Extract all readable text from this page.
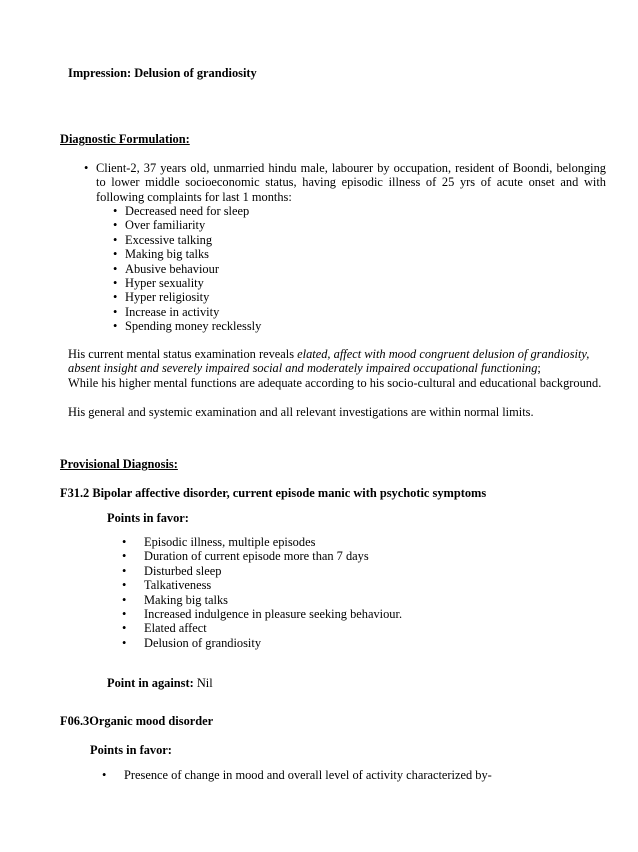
Impression: Delusion of grandiosity
Diagnostic Formulation:
• Client-2, 37 years old, unmarried hindu male, labourer by occupation, resident of Boondi, belonging to lower middle socioeconomic status, having episodic illness of 25 yrs of acute onset and with following complaints for last 1 months:
• Decreased need for sleep
• Over familiarity
• Excessive talking
• Making big talks
• Abusive behaviour
• Hyper sexuality
• Hyper religiosity
• Increase in activity
• Spending money recklessly
His current mental status examination reveals elated, affect with mood congruent delusion of grandiosity, absent insight and severely impaired social and moderately impaired occupational functioning;
While his higher mental functions are adequate according to his socio-cultural and educational background.
His general and systemic examination and all relevant investigations are within normal limits.
Provisional Diagnosis:
F31.2 Bipolar affective disorder, current episode manic with psychotic symptoms
Points in favor:
• Episodic illness, multiple episodes
• Duration of current episode more than 7 days
• Disturbed sleep
• Talkativeness
• Making big talks
• Increased indulgence in pleasure seeking behaviour.
• Elated affect
• Delusion of grandiosity
Point in against: Nil
F06.3Organic mood disorder
Points in favor:
• Presence of change in mood and overall level of activity characterized by-
